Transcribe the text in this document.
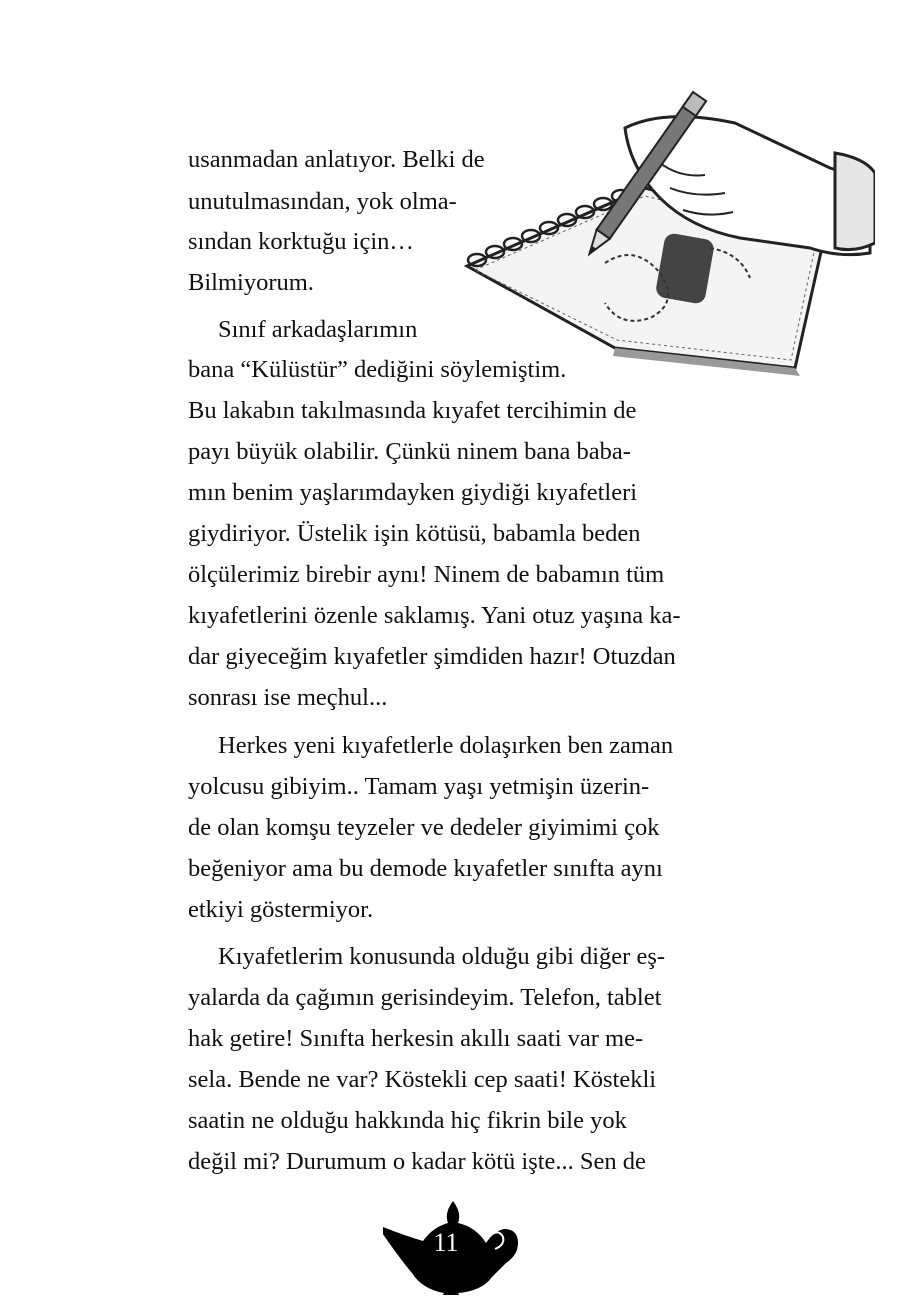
usanmadan anlatıyor. Belki de
unutulmasından, yok olma-
sından korktuğu için…
Bilmiyorum.
Sınıf arkadaşlarımın
bana “Külüstür” dediğini söylemiştim.
Bu lakabın takılmasında kıyafet tercihimin de
payı büyük olabilir. Çünkü ninem bana baba-
mın benim yaşlarımdayken giydiği kıyafetleri
giydiriyor. Üstelik işin kötüsü, babamla beden
ölçülerimiz birebir aynı! Ninem de babamın tüm
kıyafetlerini özenle saklamış. Yani otuz yaşına ka-
dar giyeceğim kıyafetler şimdiden hazır! Otuzdan
sonrası ise meçhul...
Herkes yeni kıyafetlerle dolaşırken ben zaman
yolcusu gibiyim.. Tamam yaşı yetmişin üzerin-
de olan komşu teyzeler ve dedeler giyimimi çok
beğeniyor ama bu demode kıyafetler sınıfta aynı
etkiyi göstermiyor.
Kıyafetlerim konusunda olduğu gibi diğer eş-
yalarda da çağımın gerisindeyim. Telefon, tablet
hak getire! Sınıfta herkesin akıllı saati var me-
sela. Bende ne var? Köstekli cep saati! Köstekli
saatin ne olduğu hakkında hiç fikrin bile yok
değil mi? Durumum o kadar kötü işte... Sen de
11
